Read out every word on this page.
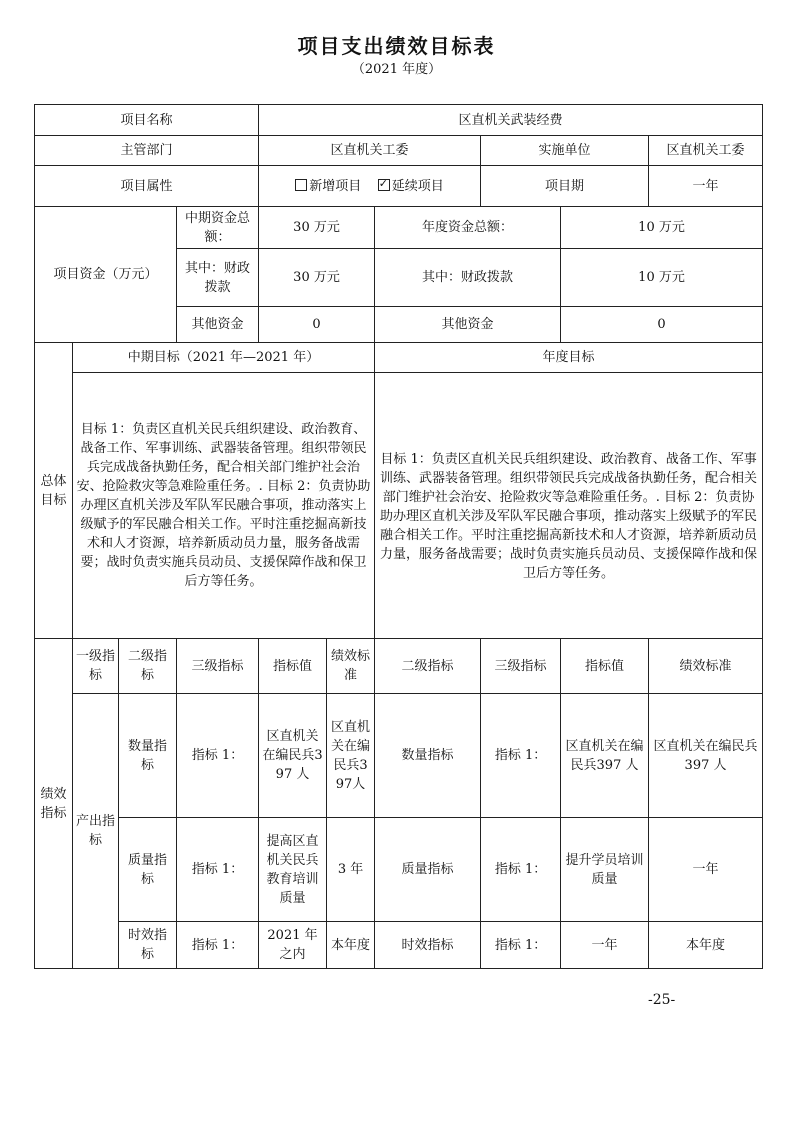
项目支出绩效目标表
（2021 年度）
项目名称				区直机关武装经费					
主管部门				区直机关工委			实施单位		区直机关工委
项目属性				新增项目 ✓ 延续项目			项目期		一年
项目资金（万元）			中期资金总额：	30 万元		年度资金总额：		10 万元	
			其中：财政拨款	30 万元		其中：财政拨款		10 万元	
			其他资金	0		其他资金		0	
总体目标	中期目标（2021 年—2021 年）					年度目标			
	目标 1：负责区直机关民兵组织建设、政治教育、战备工作、军事训练、武器装备管理。组织带领民兵完成战备执勤任务，配合相关部门维护社会治安、抢险救灾等急难险重任务。. 目标 2：负责协助办理区直机关涉及军队军民融合事项，推动落实上级赋予的军民融合相关工作。平时注重挖掘高新技术和人才资源，培养新质动员力量，服务备战需要；战时负责实施兵员动员、支援保障作战和保卫后方等任务。					目标 1：负责区直机关民兵组织建设、政治教育、战备工作、军事训练、武器装备管理。组织带领民兵完成战备执勤任务，配合相关部门维护社会治安、抢险救灾等急难险重任务。. 目标 2：负责协助办理区直机关涉及军队军民融合事项，推动落实上级赋予的军民融合相关工作。平时注重挖掘高新技术和人才资源，培养新质动员力量，服务备战需要；战时负责实施兵员动员、支援保障作战和保卫后方等任务。			
绩效指标	一级指标	二级指标	三级指标	指标值	绩效标准	二级指标	三级指标	指标值	绩效标准
	产出指标	数量指标	指标 1：	区直机关在编民兵397 人	区直机关在编民兵397人	数量指标	指标 1：	区直机关在编民兵397 人	区直机关在编民兵397 人
		质量指标	指标 1：	提高区直机关民兵教育培训质量	3 年	质量指标	指标 1：	提升学员培训质量	一年
		时效指标	指标 1：	2021 年之内	本年度	时效指标	指标 1：	一年	本年度
-25-
